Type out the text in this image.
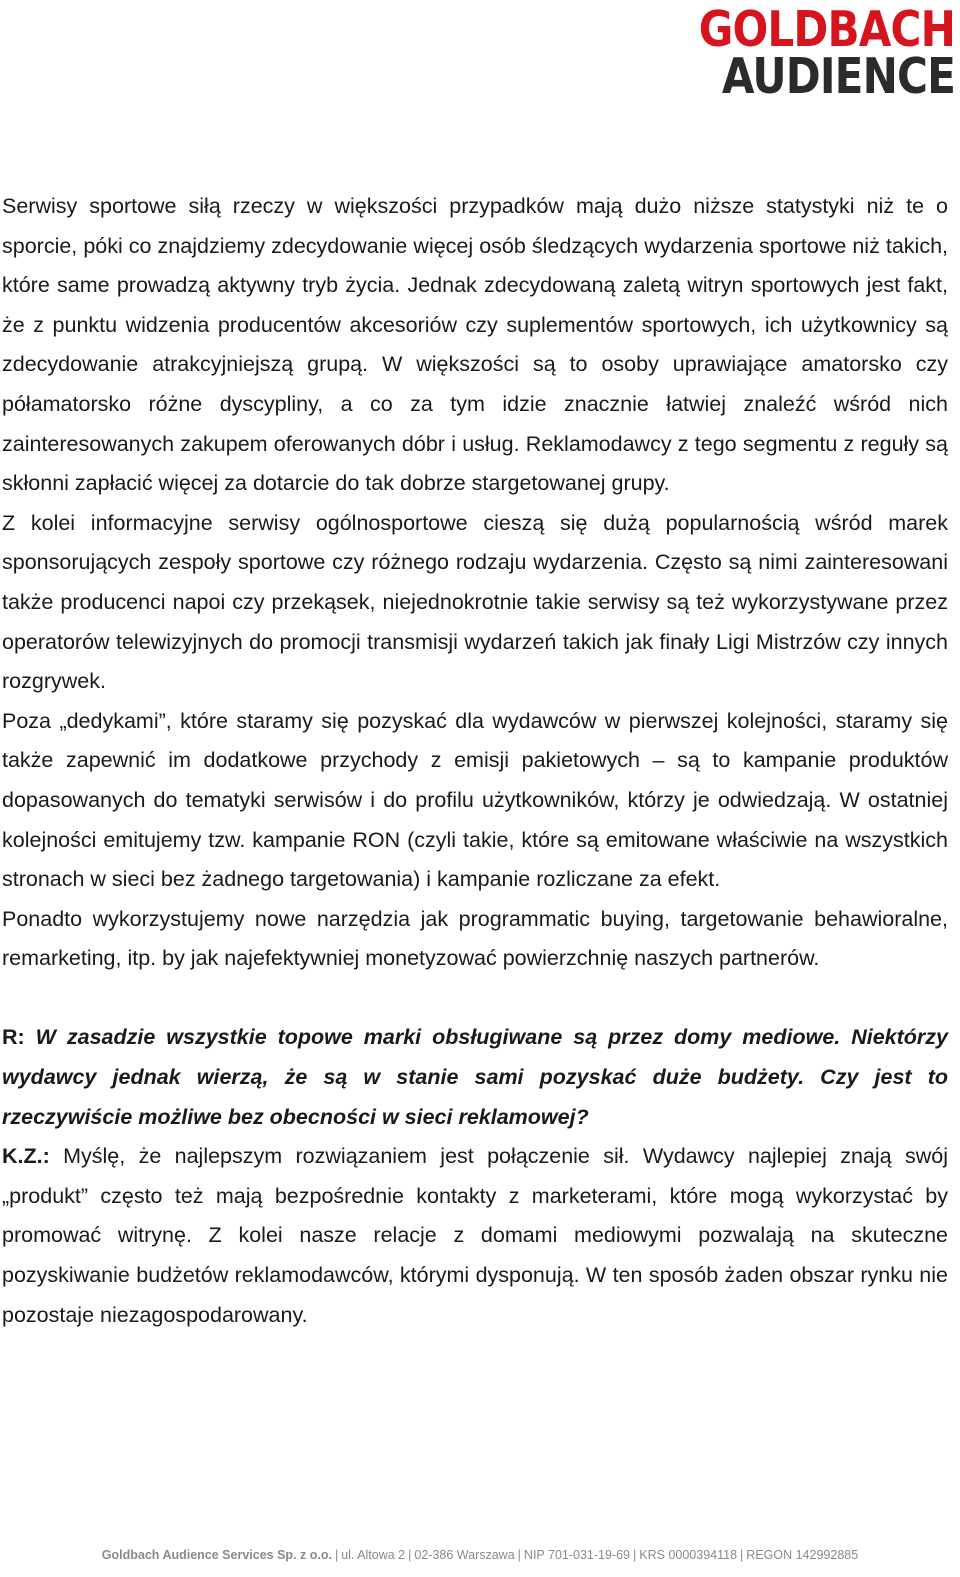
GOLDBACH
AUDIENCE

Serwisy sportowe siłą rzeczy w większości przypadków mają dużo niższe statystyki niż te o sporcie, póki co znajdziemy zdecydowanie więcej osób śledzących wydarzenia sportowe niż takich, które same prowadzą aktywny tryb życia. Jednak zdecydowaną zaletą witryn sportowych jest fakt, że z punktu widzenia producentów akcesoriów czy suplementów sportowych, ich użytkownicy są zdecydowanie atrakcyjniejszą grupą. W większości są to osoby uprawiające amatorsko czy półamatorsko różne dyscypliny, a co za tym idzie znacznie łatwiej znaleźć wśród nich zainteresowanych zakupem oferowanych dóbr i usług. Reklamodawcy z tego segmentu z reguły są skłonni zapłacić więcej za dotarcie do tak dobrze stargetowanej grupy.

Z kolei informacyjne serwisy ogólnosportowe cieszą się dużą popularnością wśród marek sponsorujących zespoły sportowe czy różnego rodzaju wydarzenia. Często są nimi zainteresowani także producenci napoi czy przekąsek, niejednokrotnie takie serwisy są też wykorzystywane przez operatorów telewizyjnych do promocji transmisji wydarzeń takich jak finały Ligi Mistrzów czy innych rozgrywek.

Poza „dedykami”, które staramy się pozyskać dla wydawców w pierwszej kolejności, staramy się także zapewnić im dodatkowe przychody z emisji pakietowych – są to kampanie produktów dopasowanych do tematyki serwisów i do profilu użytkowników, którzy je odwiedzają. W ostatniej kolejności emitujemy tzw. kampanie RON (czyli takie, które są emitowane właściwie na wszystkich stronach w sieci bez żadnego targetowania) i kampanie rozliczane za efekt.

Ponadto wykorzystujemy nowe narzędzia jak programmatic buying, targetowanie behawioralne, remarketing, itp. by jak najefektywniej monetyzować powierzchnię naszych partnerów.

R: W zasadzie wszystkie topowe marki obsługiwane są przez domy mediowe. Niektórzy wydawcy jednak wierzą, że są w stanie sami pozyskać duże budżety. Czy jest to rzeczywiście możliwe bez obecności w sieci reklamowej?

K.Z.: Myślę, że najlepszym rozwiązaniem jest połączenie sił. Wydawcy najlepiej znają swój „produkt” często też mają bezpośrednie kontakty z marketerami, które mogą wykorzystać by promować witrynę. Z kolei nasze relacje z domami mediowymi pozwalają na skuteczne pozyskiwanie budżetów reklamodawców, którymi dysponują. W ten sposób żaden obszar rynku nie pozostaje niezagospodarowany.

Goldbach Audience Services Sp. z o.o. | ul. Altowa 2 | 02-386 Warszawa | NIP 701-031-19-69 | KRS 0000394118 | REGON 142992885
